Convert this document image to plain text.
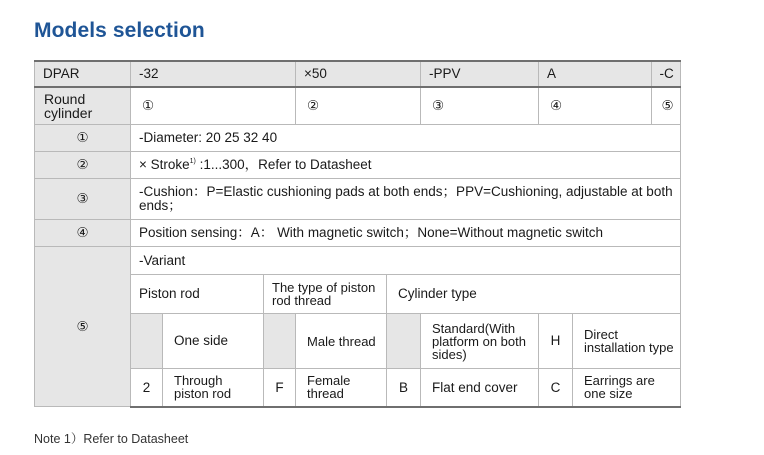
Models selection
DPAR	-32	×50	-PPV		A	-C

Round cylinder	①	②	③		④	⑤

①	-Diameter: 20 25 32 40
②	× Stroke$^{1)}$ :1...300，Refer to Datasheet
③	-Cushion：P=Elastic cushioning pads at both ends；PPV=Cushioning, adjustable at both ends；
④	Position sensing：A： With magnetic switch；None=Without magnetic switch
⑤	-Variant
Piston rod	The type of piston rod thread	Cylinder type
	One side		Male thread		Standard(With platform on both sides)	H	Direct installation type
2	Through piston rod	F	Female thread	B	Flat end cover	C	Earrings are one size
Note 1）Refer to Datasheet
